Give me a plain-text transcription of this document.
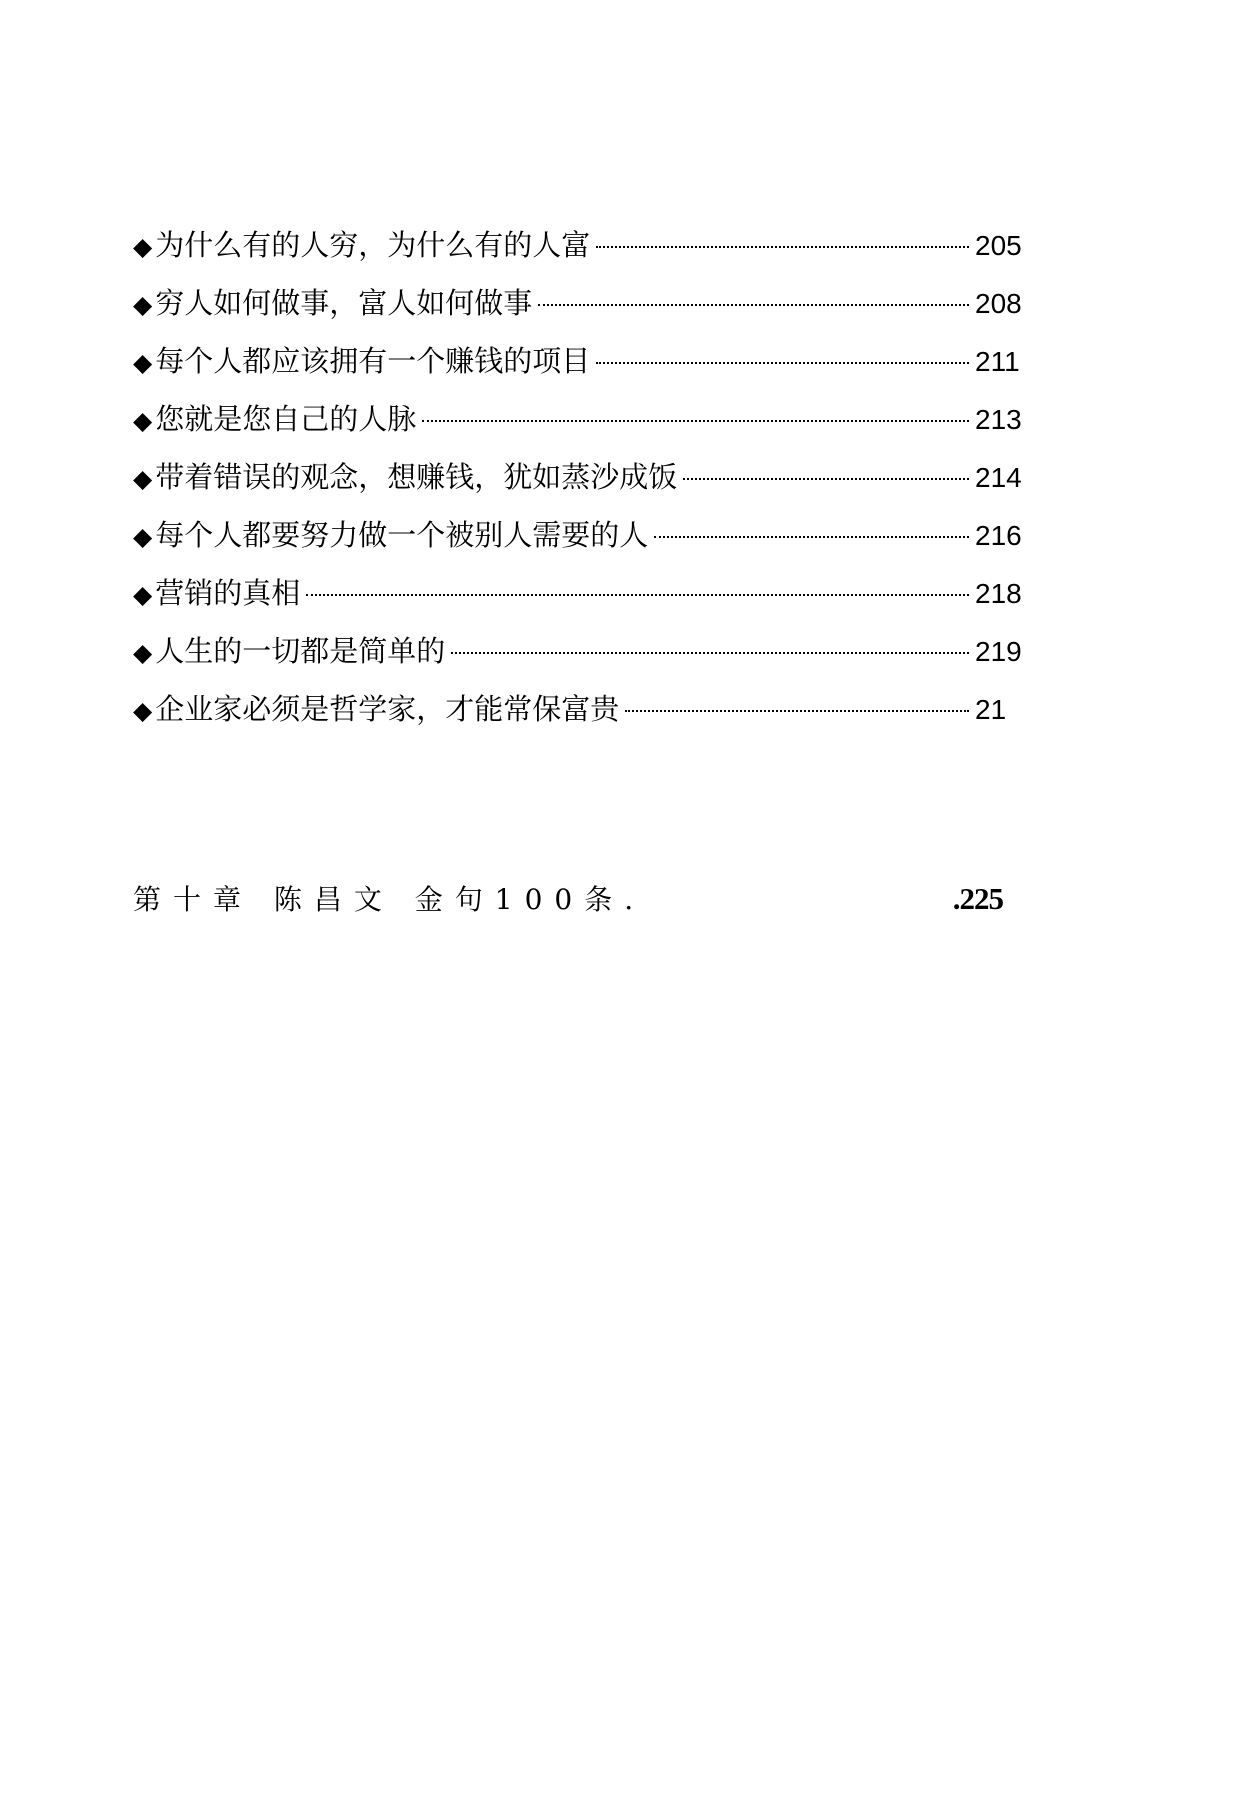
◆ 为什么有的人穷，为什么有的人富	205
◆ 穷人如何做事，富人如何做事	208
◆ 每个人都应该拥有一个赚钱的项目	211
◆ 您就是您自己的人脉	213
◆ 带着错误的观念，想赚钱，犹如蒸沙成饭	214
◆ 每个人都要努力做一个被别人需要的人	216
◆ 营销的真相	218
◆ 人生的一切都是简单的	219
◆ 企业家必须是哲学家，才能常保富贵	21
第十章 陈昌文 金句100条.	.225
